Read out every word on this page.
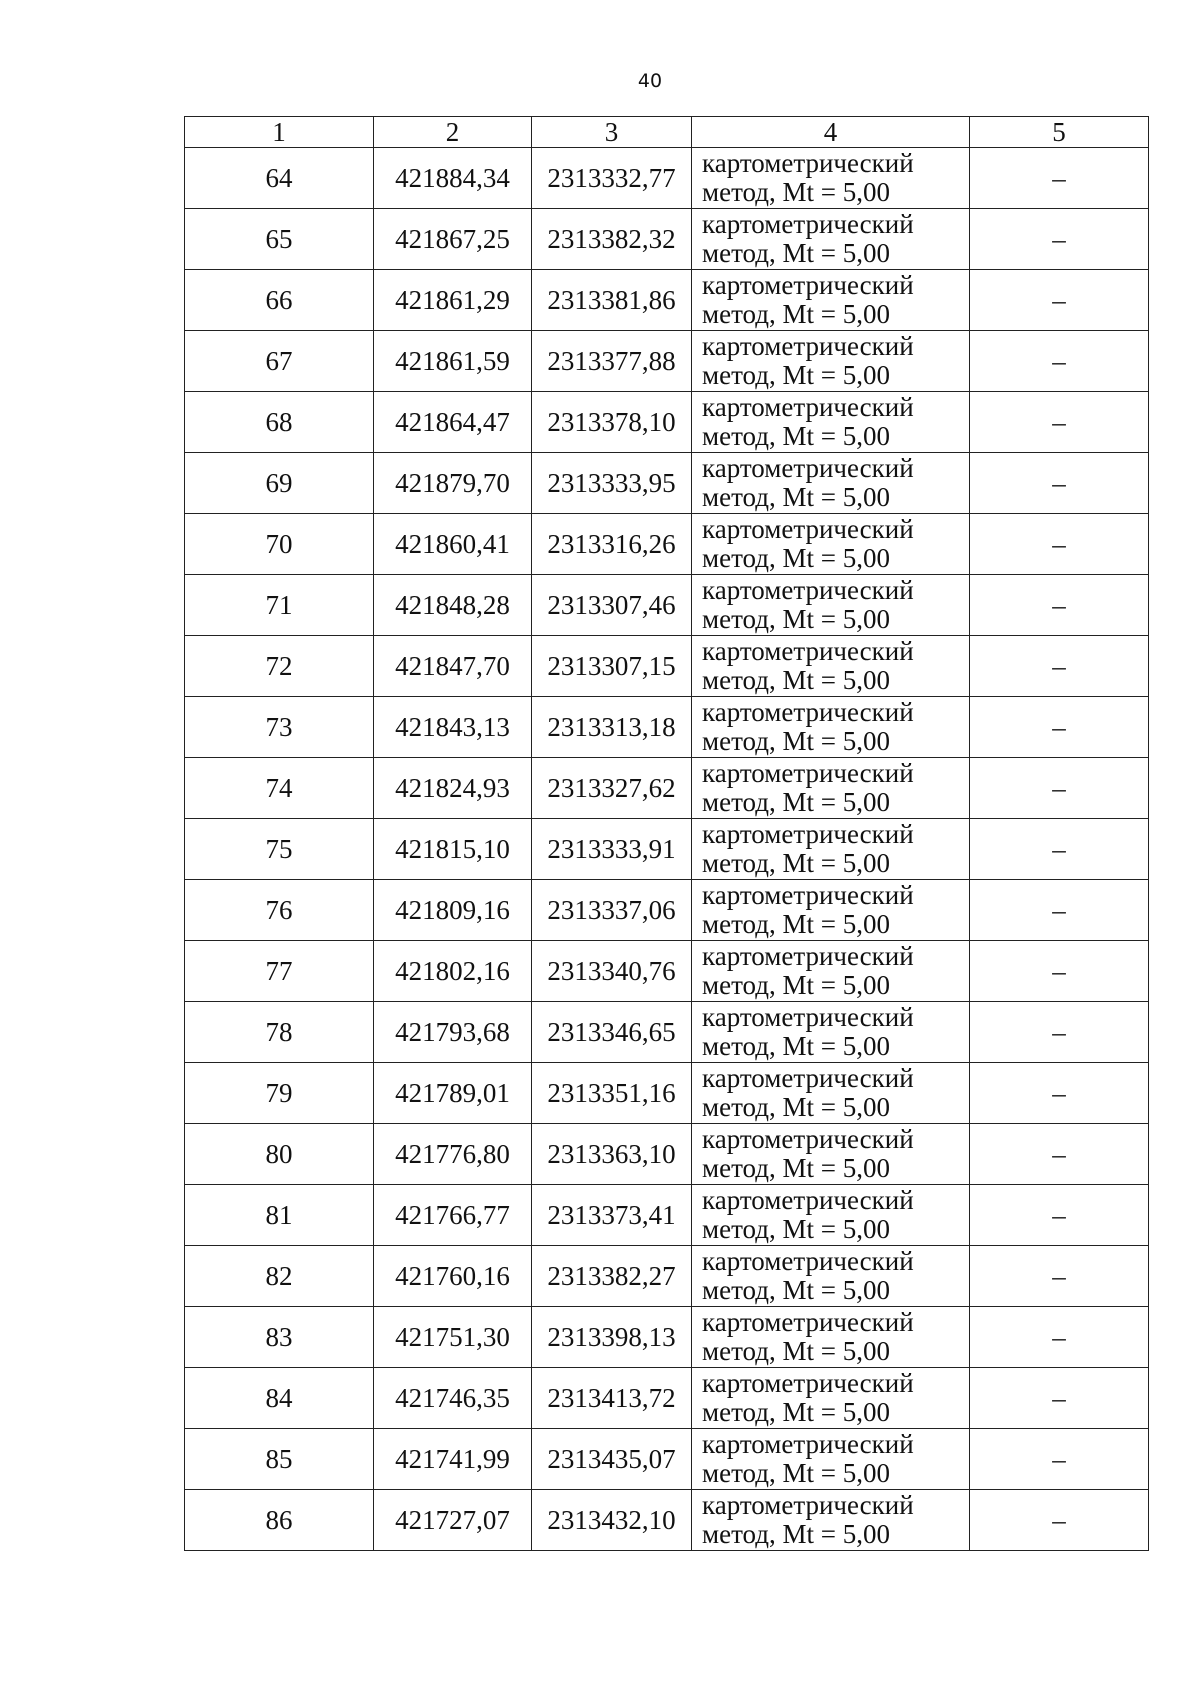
40
1	2	3	4	5
64	421884,34	2313332,77	картометрический
метод, Mt = 5,00	–
65	421867,25	2313382,32	картометрический
метод, Mt = 5,00	–
66	421861,29	2313381,86	картометрический
метод, Mt = 5,00	–
67	421861,59	2313377,88	картометрический
метод, Mt = 5,00	–
68	421864,47	2313378,10	картометрический
метод, Mt = 5,00	–
69	421879,70	2313333,95	картометрический
метод, Mt = 5,00	–
70	421860,41	2313316,26	картометрический
метод, Mt = 5,00	–
71	421848,28	2313307,46	картометрический
метод, Mt = 5,00	–
72	421847,70	2313307,15	картометрический
метод, Mt = 5,00	–
73	421843,13	2313313,18	картометрический
метод, Mt = 5,00	–
74	421824,93	2313327,62	картометрический
метод, Mt = 5,00	–
75	421815,10	2313333,91	картометрический
метод, Mt = 5,00	–
76	421809,16	2313337,06	картометрический
метод, Mt = 5,00	–
77	421802,16	2313340,76	картометрический
метод, Mt = 5,00	–
78	421793,68	2313346,65	картометрический
метод, Mt = 5,00	–
79	421789,01	2313351,16	картометрический
метод, Mt = 5,00	–
80	421776,80	2313363,10	картометрический
метод, Mt = 5,00	–
81	421766,77	2313373,41	картометрический
метод, Mt = 5,00	–
82	421760,16	2313382,27	картометрический
метод, Mt = 5,00	–
83	421751,30	2313398,13	картометрический
метод, Mt = 5,00	–
84	421746,35	2313413,72	картометрический
метод, Mt = 5,00	–
85	421741,99	2313435,07	картометрический
метод, Mt = 5,00	–
86	421727,07	2313432,10	картометрический
метод, Mt = 5,00	–
